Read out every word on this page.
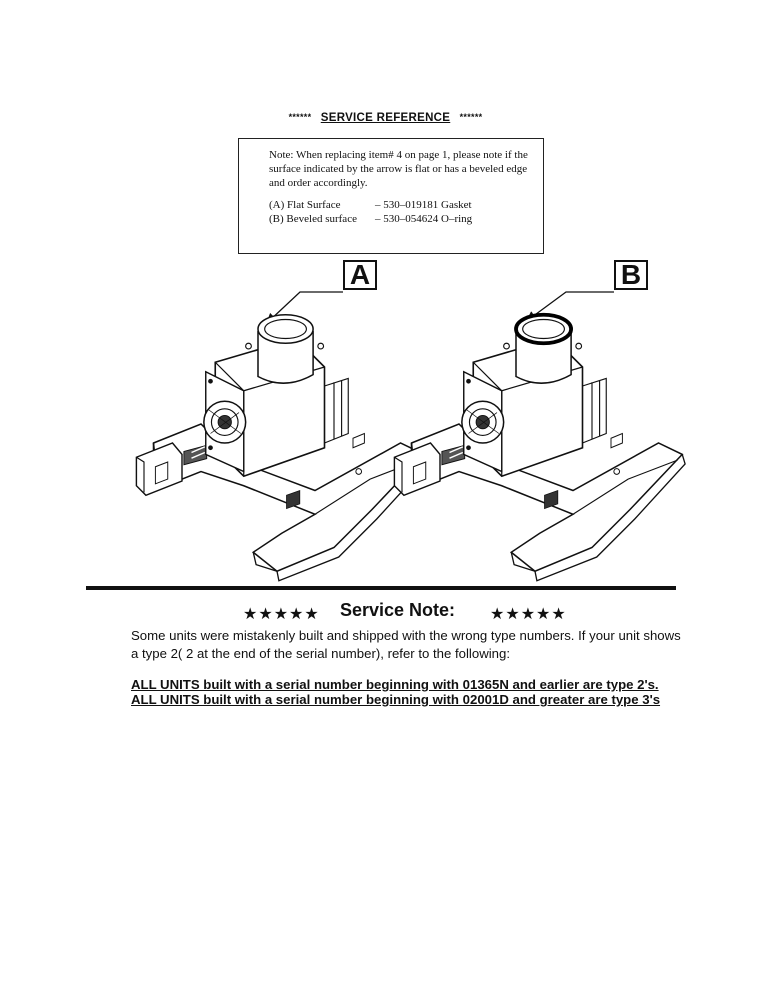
****** SERVICE REFERENCE ******

Note: When replacing item# 4 on page 1, please note if the surface indicated by the arrow is flat or has a beveled edge and order accordingly.

(A) Flat Surface	– 530–019181 Gasket
(B) Beveled surface	– 530–054624 O–ring
A	B
★★★★★ Service Note: ★★★★★

Some units were mistakenly built and shipped with the wrong type numbers. If your unit shows a type 2( 2 at the end of the serial number), refer to the following:

ALL UNITS built with a serial number beginning with 01365N and earlier are type 2's.
ALL UNITS built with a serial number beginning with 02001D and greater are type 3's
